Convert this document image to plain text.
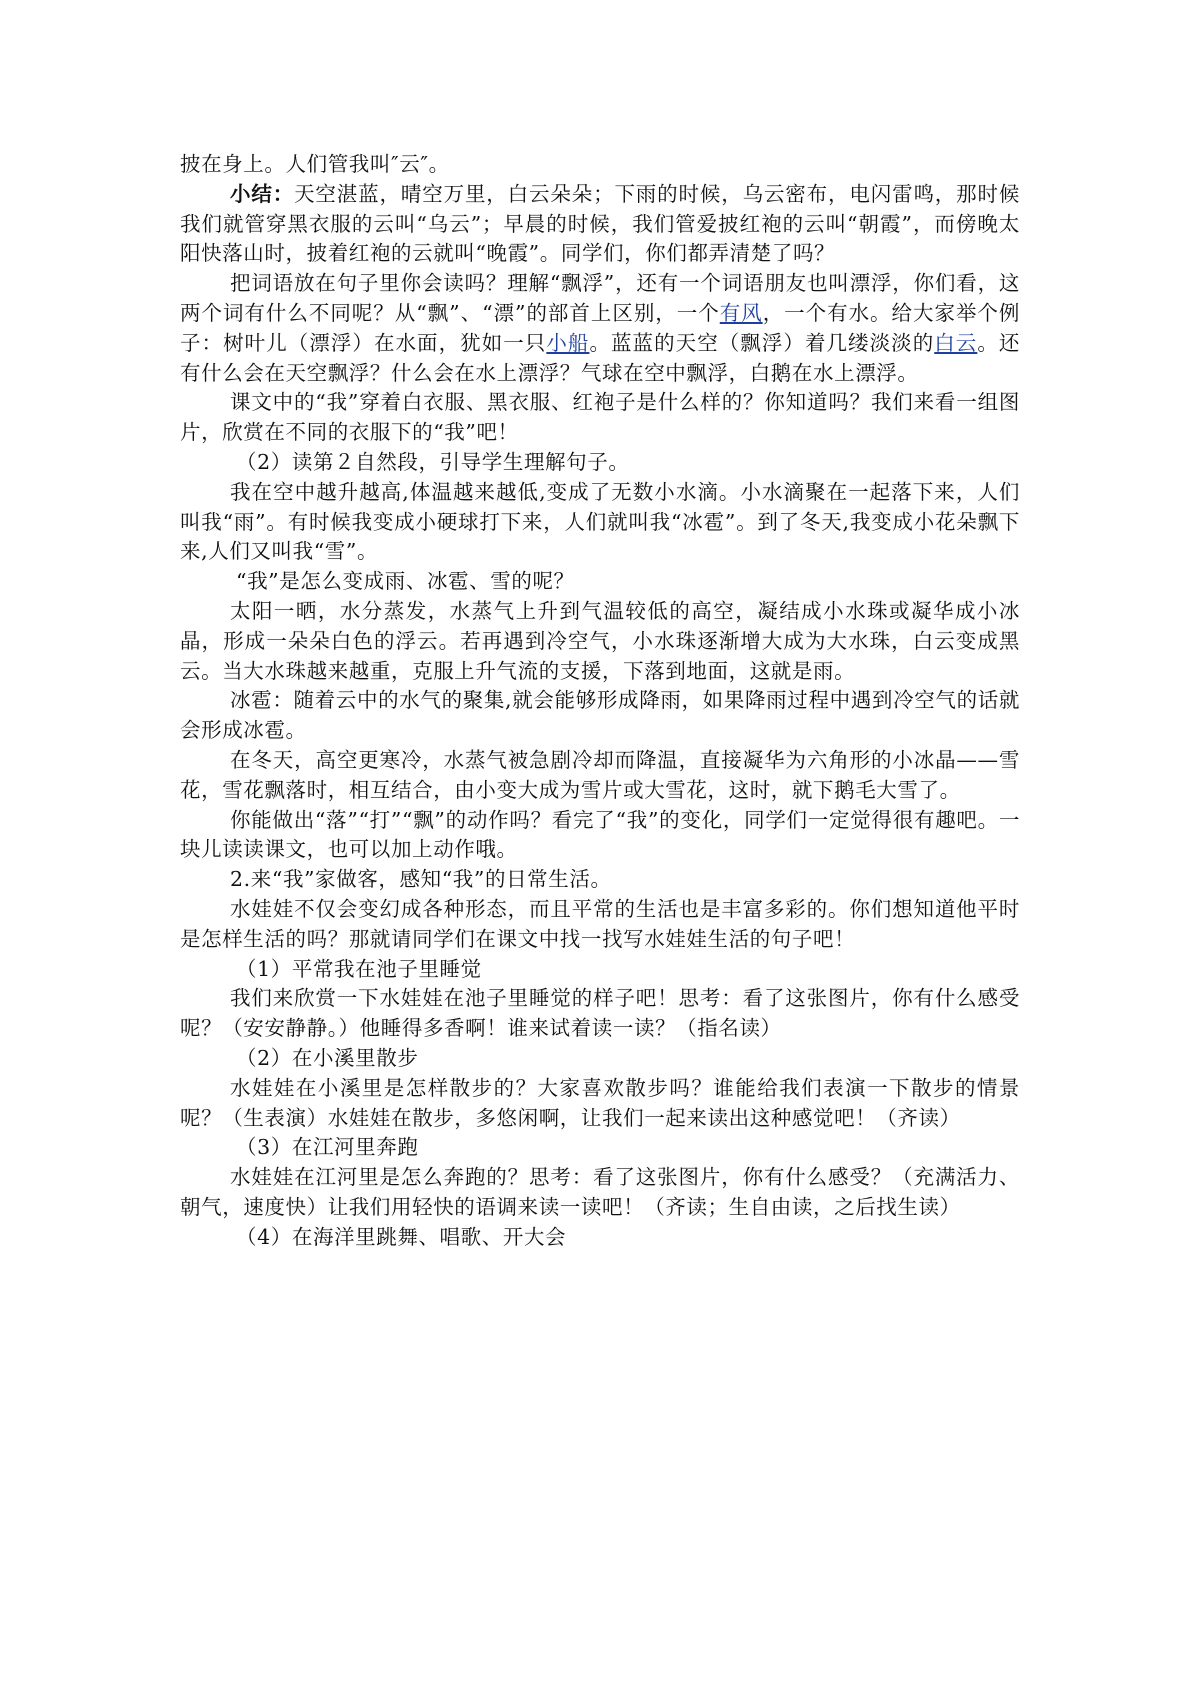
披在身上。人们管我叫″云″。

小结：天空湛蓝，晴空万里，白云朵朵；下雨的时候，乌云密布，电闪雷鸣，那时候我们就管穿黑衣服的云叫“乌云”；早晨的时候，我们管爱披红袍的云叫“朝霞”，而傍晚太阳快落山时，披着红袍的云就叫“晚霞”。同学们，你们都弄清楚了吗？

把词语放在句子里你会读吗？理解“飘浮”，还有一个词语朋友也叫漂浮，你们看，这两个词有什么不同呢？从“飘”、“漂”的部首上区别，一个有风，一个有水。给大家举个例子：树叶儿（漂浮）在水面，犹如一只小船。蓝蓝的天空（飘浮）着几缕淡淡的白云。还有什么会在天空飘浮？什么会在水上漂浮？气球在空中飘浮，白鹅在水上漂浮。

课文中的“我”穿着白衣服、黑衣服、红袍子是什么样的？你知道吗？我们来看一组图片，欣赏在不同的衣服下的“我”吧！

（2）读第２自然段，引导学生理解句子。

我在空中越升越高,体温越来越低,变成了无数小水滴。小水滴聚在一起落下来，人们叫我“雨”。有时候我变成小硬球打下来，人们就叫我“冰雹”。到了冬天,我变成小花朵飘下来,人们又叫我“雪”。

“我”是怎么变成雨、冰雹、雪的呢？

太阳一晒，水分蒸发，水蒸气上升到气温较低的高空，凝结成小水珠或凝华成小冰晶，形成一朵朵白色的浮云。若再遇到冷空气，小水珠逐渐增大成为大水珠，白云变成黑云。当大水珠越来越重，克服上升气流的支援，下落到地面，这就是雨。

冰雹：随着云中的水气的聚集,就会能够形成降雨，如果降雨过程中遇到冷空气的话就会形成冰雹。

在冬天，高空更寒冷，水蒸气被急剧冷却而降温，直接凝华为六角形的小冰晶——雪花，雪花飘落时，相互结合，由小变大成为雪片或大雪花，这时，就下鹅毛大雪了。

你能做出“落”“打”“飘”的动作吗？看完了“我”的变化，同学们一定觉得很有趣吧。一块儿读读课文，也可以加上动作哦。

2.来“我”家做客，感知“我”的日常生活。

水娃娃不仅会变幻成各种形态，而且平常的生活也是丰富多彩的。你们想知道他平时是怎样生活的吗？那就请同学们在课文中找一找写水娃娃生活的句子吧！

（1）平常我在池子里睡觉

我们来欣赏一下水娃娃在池子里睡觉的样子吧！思考：看了这张图片，你有什么感受呢？（安安静静。）他睡得多香啊！谁来试着读一读？（指名读）

（2）在小溪里散步

水娃娃在小溪里是怎样散步的？大家喜欢散步吗？谁能给我们表演一下散步的情景呢？（生表演）水娃娃在散步，多悠闲啊，让我们一起来读出这种感觉吧！（齐读）

（3）在江河里奔跑

水娃娃在江河里是怎么奔跑的？思考：看了这张图片，你有什么感受？（充满活力、朝气，速度快）让我们用轻快的语调来读一读吧！（齐读；生自由读，之后找生读）

（4）在海洋里跳舞、唱歌、开大会
